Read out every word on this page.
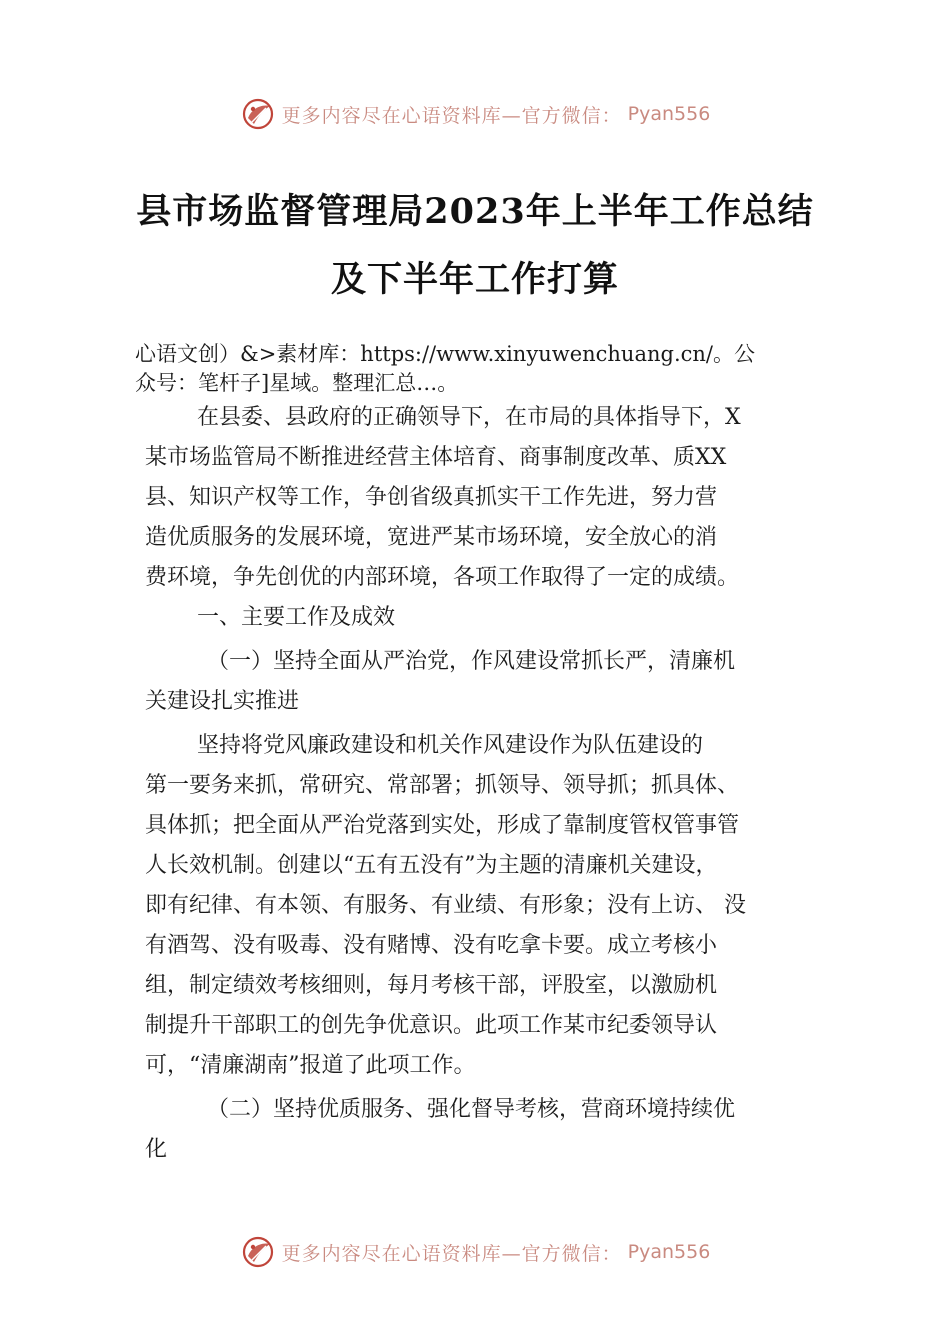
更多内容尽在心语资料库—官方微信： Pyan556
县市场监督管理局2023年上半年工作总结
及下半年工作打算
心语文创）&>素材库：https://www.xinyuwenchuang.cn/。公
众号：笔杆子]星域。整理汇总…。
在县委、县政府的正确领导下，在市局的具体指导下，X
某市场监管局不断推进经营主体培育、商事制度改革、质XX
县、知识产权等工作，争创省级真抓实干工作先进，努力营
造优质服务的发展环境，宽进严某市场环境，安全放心的消
费环境，争先创优的内部环境，各项工作取得了一定的成绩。
一、主要工作及成效
（一）坚持全面从严治党，作风建设常抓长严，清廉机
关建设扎实推进
坚持将党风廉政建设和机关作风建设作为队伍建设的
第一要务来抓，常研究、常部署；抓领导、领导抓；抓具体、
具体抓；把全面从严治党落到实处，形成了靠制度管权管事管
人长效机制。创建以“五有五没有”为主题的清廉机关建设，
即有纪律、有本领、有服务、有业绩、有形象；没有上访、 没
有酒驾、没有吸毒、没有赌博、没有吃拿卡要。成立考核小
组，制定绩效考核细则，每月考核干部，评股室，以激励机
制提升干部职工的创先争优意识。此项工作某市纪委领导认
可，“清廉湖南”报道了此项工作。
（二）坚持优质服务、强化督导考核，营商环境持续优
化
更多内容尽在心语资料库—官方微信： Pyan556
